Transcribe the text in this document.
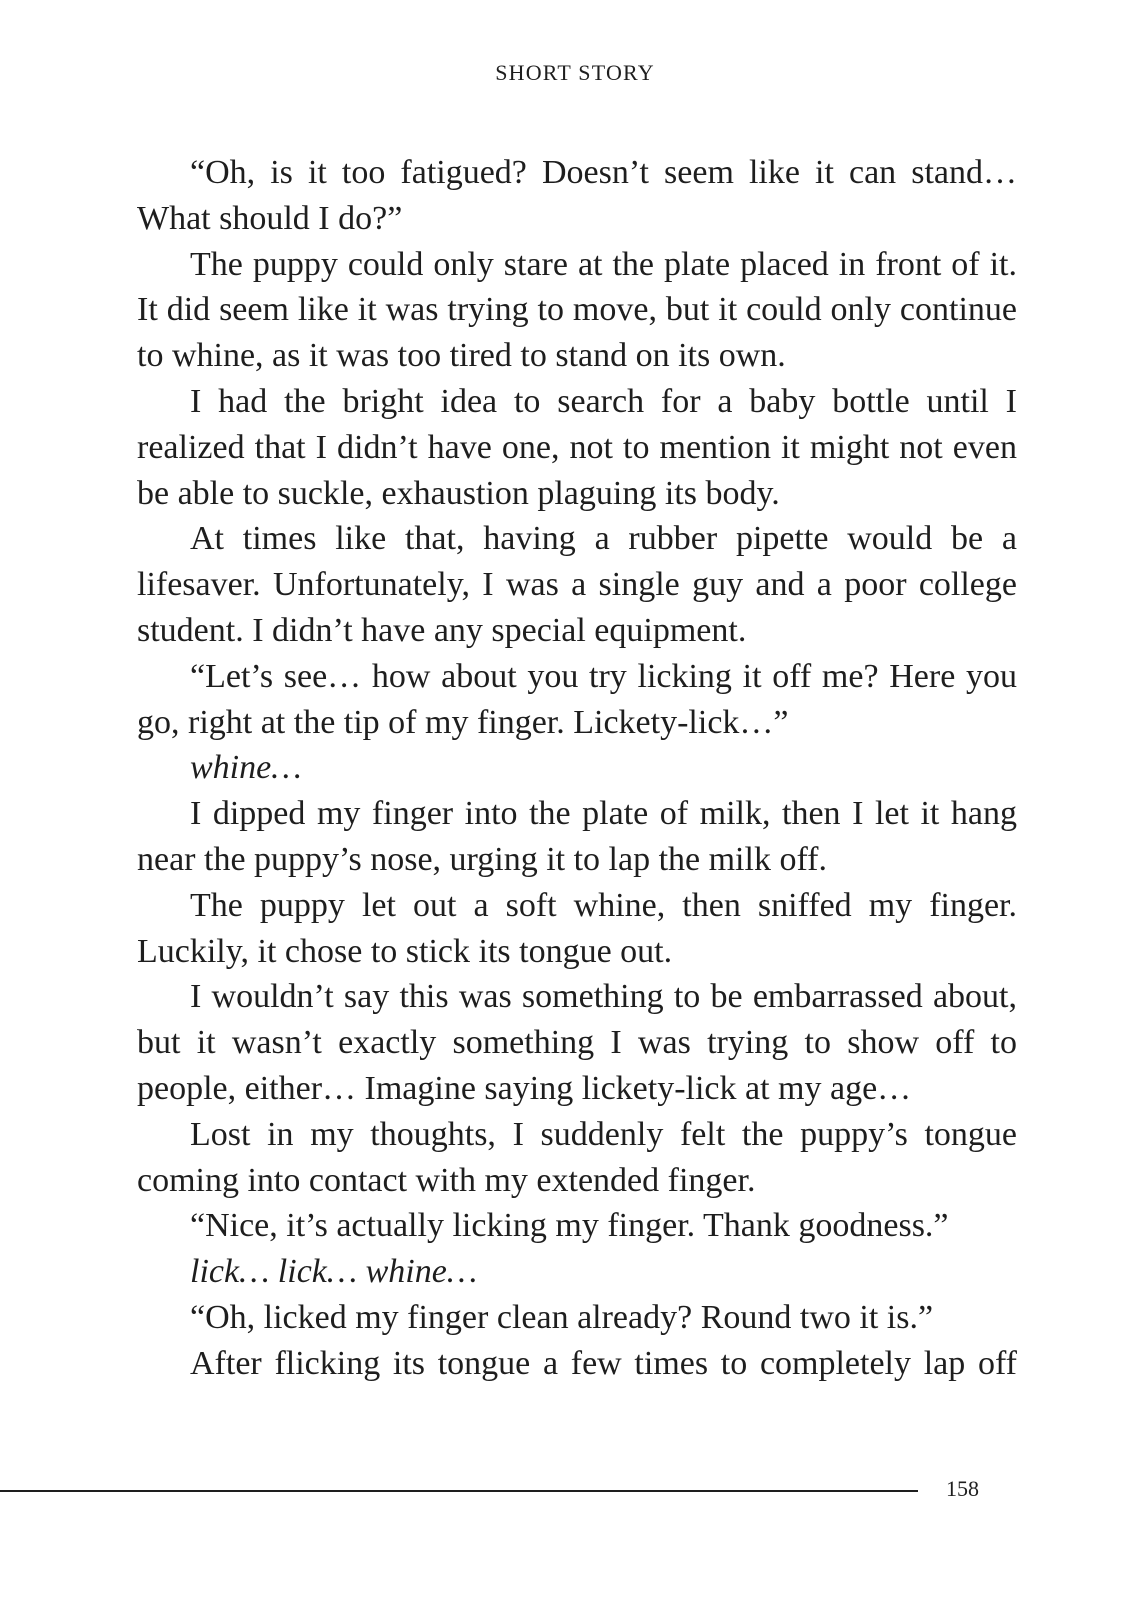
SHORT STORY

“Oh, is it too fatigued? Doesn’t seem like it can stand… What should I do?”

The puppy could only stare at the plate placed in front of it. It did seem like it was trying to move, but it could only continue to whine, as it was too tired to stand on its own.

I had the bright idea to search for a baby bottle until I realized that I didn’t have one, not to mention it might not even be able to suckle, exhaustion plaguing its body.

At times like that, having a rubber pipette would be a lifesaver. Unfortunately, I was a single guy and a poor college student. I didn’t have any special equipment.

“Let’s see… how about you try licking it off me? Here you go, right at the tip of my finger. Lickety-lick…”

whine…

I dipped my finger into the plate of milk, then I let it hang near the puppy’s nose, urging it to lap the milk off.

The puppy let out a soft whine, then sniffed my finger. Luckily, it chose to stick its tongue out.

I wouldn’t say this was something to be embarrassed about, but it wasn’t exactly something I was trying to show off to people, either… Imagine saying lickety-lick at my age…

Lost in my thoughts, I suddenly felt the puppy’s tongue coming into contact with my extended finger.

“Nice, it’s actually licking my finger. Thank goodness.”

lick… lick… whine…

“Oh, licked my finger clean already? Round two it is.”

After flicking its tongue a few times to completely lap off

158
